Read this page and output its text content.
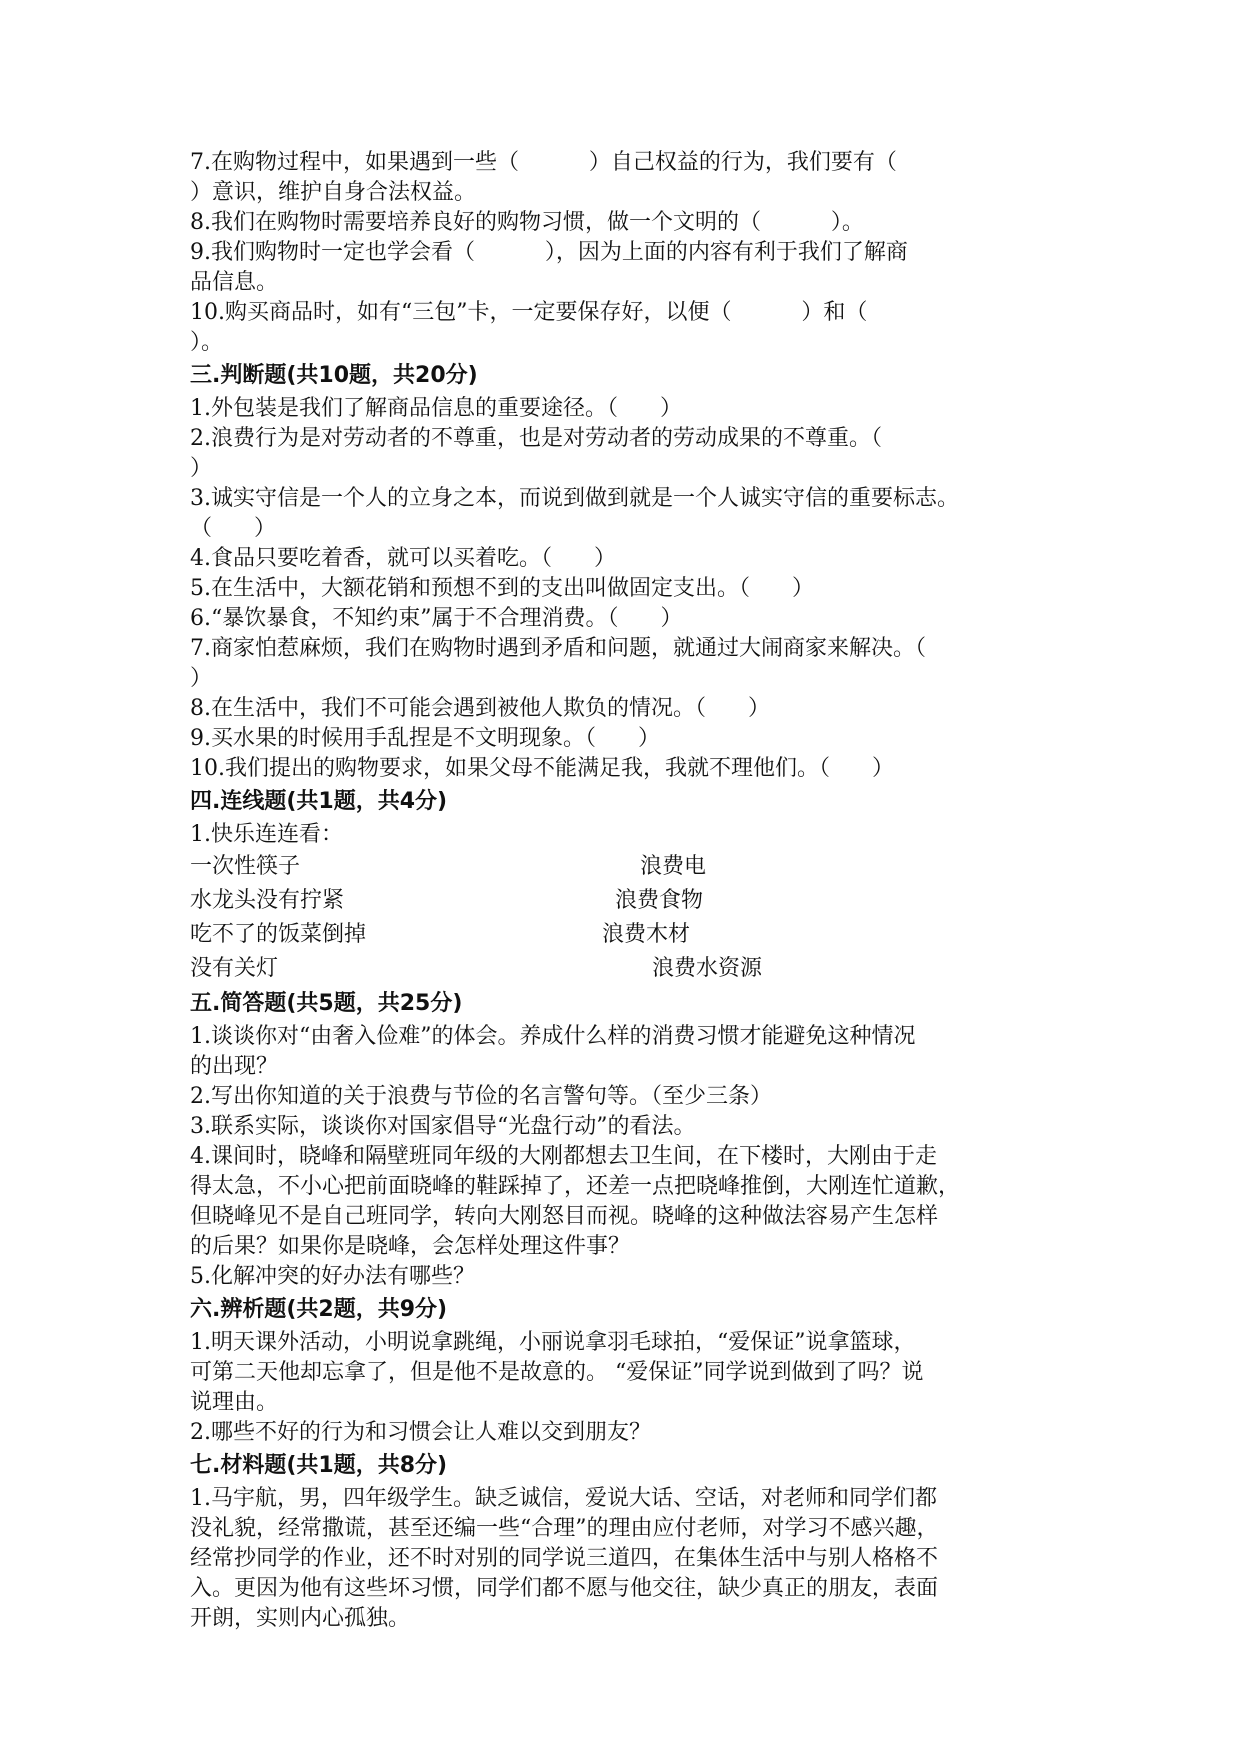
7.在购物过程中，如果遇到一些（          ）自己权益的行为，我们要有（
）意识，维护自身合法权益。
8.我们在购物时需要培养良好的购物习惯，做一个文明的（          ）。
9.我们购物时一定也学会看（          ），因为上面的内容有利于我们了解商
品信息。
10.购买商品时，如有“三包”卡，一定要保存好，以便（          ）和（
）。
三.判断题(共10题，共20分)
1.外包装是我们了解商品信息的重要途径。（      ）
2.浪费行为是对劳动者的不尊重，也是对劳动者的劳动成果的不尊重。（
）
3.诚实守信是一个人的立身之本，而说到做到就是一个人诚实守信的重要标志。
（      ）
4.食品只要吃着香，就可以买着吃。（      ）
5.在生活中，大额花销和预想不到的支出叫做固定支出。（      ）
6.“暴饮暴食，不知约束”属于不合理消费。（      ）
7.商家怕惹麻烦，我们在购物时遇到矛盾和问题，就通过大闹商家来解决。（
）
8.在生活中，我们不可能会遇到被他人欺负的情况。（      ）
9.买水果的时候用手乱捏是不文明现象。（      ）
10.我们提出的购物要求，如果父母不能满足我，我就不理他们。（      ）
四.连线题(共1题，共4分)
1.快乐连连看：
一次性筷子	浪费电
水龙头没有拧紧	浪费食物
吃不了的饭菜倒掉	浪费木材
没有关灯	浪费水资源
五.简答题(共5题，共25分)
1.谈谈你对“由奢入俭难”的体会。养成什么样的消费习惯才能避免这种情况
的出现？
2.写出你知道的关于浪费与节俭的名言警句等。（至少三条）
3.联系实际，谈谈你对国家倡导“光盘行动”的看法。
4.课间时，晓峰和隔壁班同年级的大刚都想去卫生间，在下楼时，大刚由于走
得太急，不小心把前面晓峰的鞋踩掉了，还差一点把晓峰推倒，大刚连忙道歉，
但晓峰见不是自己班同学，转向大刚怒目而视。晓峰的这种做法容易产生怎样
的后果？如果你是晓峰，会怎样处理这件事？
5.化解冲突的好办法有哪些？
六.辨析题(共2题，共9分)
1.明天课外活动，小明说拿跳绳，小丽说拿羽毛球拍，“爱保证”说拿篮球，
可第二天他却忘拿了，但是他不是故意的。 “爱保证”同学说到做到了吗？说
说理由。
2.哪些不好的行为和习惯会让人难以交到朋友？
七.材料题(共1题，共8分)
1.马宇航，男，四年级学生。缺乏诚信，爱说大话、空话，对老师和同学们都
没礼貌，经常撒谎，甚至还编一些“合理”的理由应付老师，对学习不感兴趣，
经常抄同学的作业，还不时对别的同学说三道四，在集体生活中与别人格格不
入。更因为他有这些坏习惯，同学们都不愿与他交往，缺少真正的朋友，表面
开朗，实则内心孤独。
